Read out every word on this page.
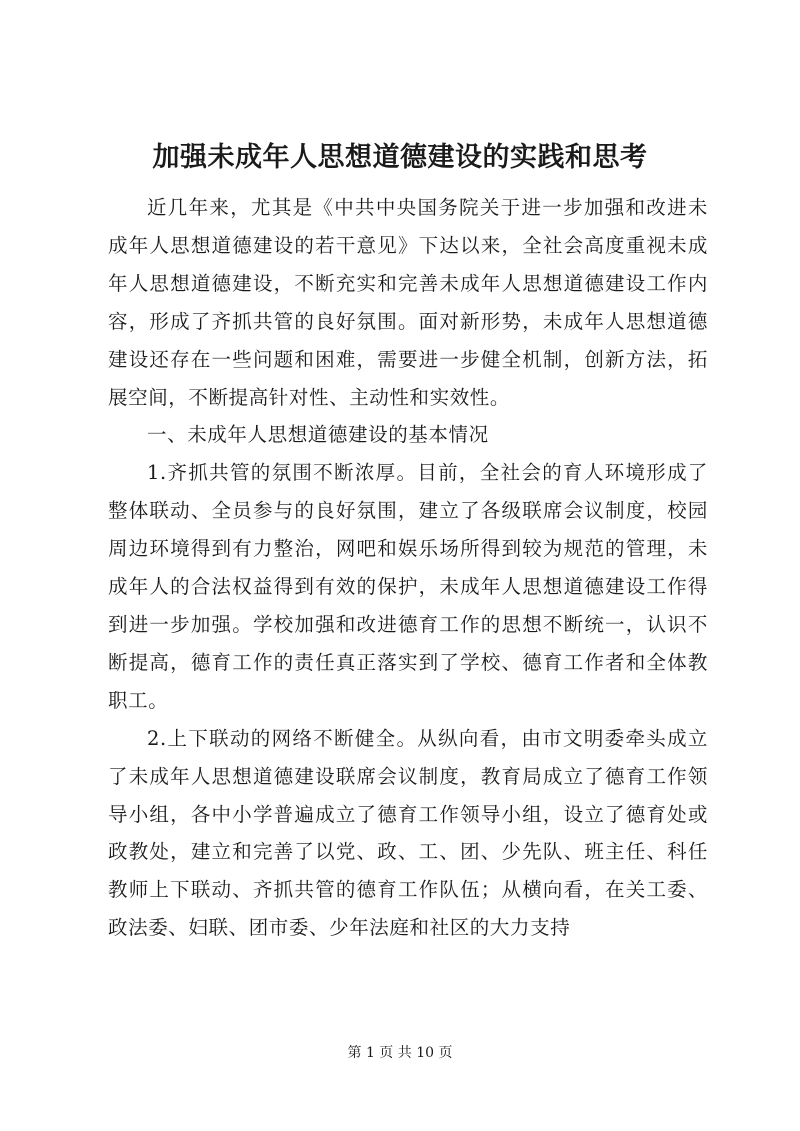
加强未成年人思想道德建设的实践和思考

近几年来，尤其是《中共中央国务院关于进一步加强和改进未成年人思想道德建设的若干意见》下达以来，全社会高度重视未成年人思想道德建设，不断充实和完善未成年人思想道德建设工作内容，形成了齐抓共管的良好氛围。面对新形势，未成年人思想道德建设还存在一些问题和困难，需要进一步健全机制，创新方法，拓展空间，不断提高针对性、主动性和实效性。

一、未成年人思想道德建设的基本情况

1.齐抓共管的氛围不断浓厚。目前，全社会的育人环境形成了整体联动、全员参与的良好氛围，建立了各级联席会议制度，校园周边环境得到有力整治，网吧和娱乐场所得到较为规范的管理，未成年人的合法权益得到有效的保护，未成年人思想道德建设工作得到进一步加强。学校加强和改进德育工作的思想不断统一，认识不断提高，德育工作的责任真正落实到了学校、德育工作者和全体教职工。

2.上下联动的网络不断健全。从纵向看，由市文明委牵头成立了未成年人思想道德建设联席会议制度，教育局成立了德育工作领导小组，各中小学普遍成立了德育工作领导小组，设立了德育处或政教处，建立和完善了以党、政、工、团、少先队、班主任、科任教师上下联动、齐抓共管的德育工作队伍；从横向看，在关工委、政法委、妇联、团市委、少年法庭和社区的大力支持

第 1 页 共 10 页
